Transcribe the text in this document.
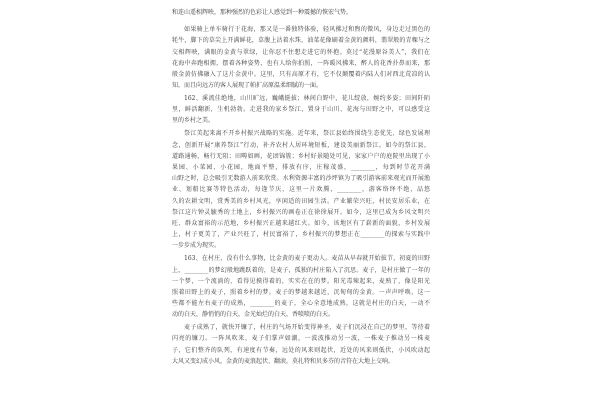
和连山遥相辉映，那种强烈的色彩让人感觉到一种震撼的恢宏气势。
如果骑上单车骑行于花海，那又是一番独特体验，轻风拂过和煦的微风，身边走过黑色的
牦牛，脚下的草尖上开满鲜花，草腹上沾着水珠，油菜花像刷着金黄的颜料，翡翠般的青稞与之
交相辉映，满眼的金黄与翠绿，让你忍不住想走进它的怀抱。莫过“花漫原谷美人”，我们在
花海中奔跑相拥，摆着各种姿势，也有人给你拍照，一阵暖风拂来，醉人的花香扑鼻而来，那
般金黄仿佛融入了这片金黄中。这里，只有高原才有，它不仅颠覆着内陆人们对西北荒凉的认
知，而且向远方的客人展现了帕扩高原温柔细腻的一面。
162、溪流佳绝地，山川旷远，巍峨挺拔；林间白野中，花儿绽放，婉约多姿；田间阡陌
里，鲜活翻新，生机勃勃。走进我的家乡祭江，置身于山川、花海与田野之中，可以感受这
里的乡村之美。
祭江美起来离不开乡村振兴战略的实施。近年来，祭江县始终围绕生态优先、绿色发展理
念，创新开展“康养祭江”行动，补齐农村人居环境短板，建设美丽新祭江。如今的祭江县，
道路通畅，畅行无阻；田畴如画，花团锦簇；乡村好景随处可见，家家户户的庭院里出现了小
果园、小菜园、小花园，地面平整，排放有序，庄稼茂盛，________，每到时节花开满
山野之时，总会吸引无数游人前来欣赏。水利资源丰富的沙坪镇为了吸引游客前来观光而开展渔
业、划船比赛等特色活动，每逢节庆，这里一片欢腾，________，游客络绎不绝，品悠
久的农耕文明，赏秀美的乡村风光，享闲适的田园生活。产业繁荣兴旺，村民安居乐业，在
祭江这片钟灵毓秀的土地上，乡村振兴的画卷正在徐徐展开。如今，这里已成为乡风文明兴
旺、群众富裕的示范地，乡村振兴正越来越红火。如今，该地区有了崭新的面貌，乡村发展
上，村子更美了，产业兴旺了，村民富裕了，乡村振兴的梦想正在________的探索与实践中
一步步成为现实。
163、在村庄，没有什么事物，比金黄的麦子更动人。麦苗从早春就开始拔节，初夏的田野
上，________的梦幻般地跳跃着的，是麦子，孤独的村庄陷入了沉思。麦子，是村庄做了一年的
一个梦，一个流淌的，看得见摸得着的，实实在在的梦。阳光毒辣起来，麦熟了，像是阳光
照着田野上的麦子，照着乡村的梦。麦子的梦越来越近，沉甸甸的金黄。一声声呼唤，这一
些都不能左右麦子的成熟，________的麦子，全心全意地成熟，这就是村庄的白天，一动不
动的白天，静悄悄的白天，金光灿烂的白天，香喷喷的白天。
麦子成熟了，就快开镰了，村庄的气场开始变得神圣，麦子们沉浸在自己的梦里，等待着
闪亮的镰刀。一阵风吹来，麦子们掌声如潮，一波波推动另一波，一株麦子推动另一株麦
子，它们整齐的队列，有速度有节奏，远处的风来则起伏，近处的风来则低伏，小风吹动起
大风又变幻成小风，金黄的麦浪起伏、翻滚，莫扎特和贝多芬的音符在大地上交响。
